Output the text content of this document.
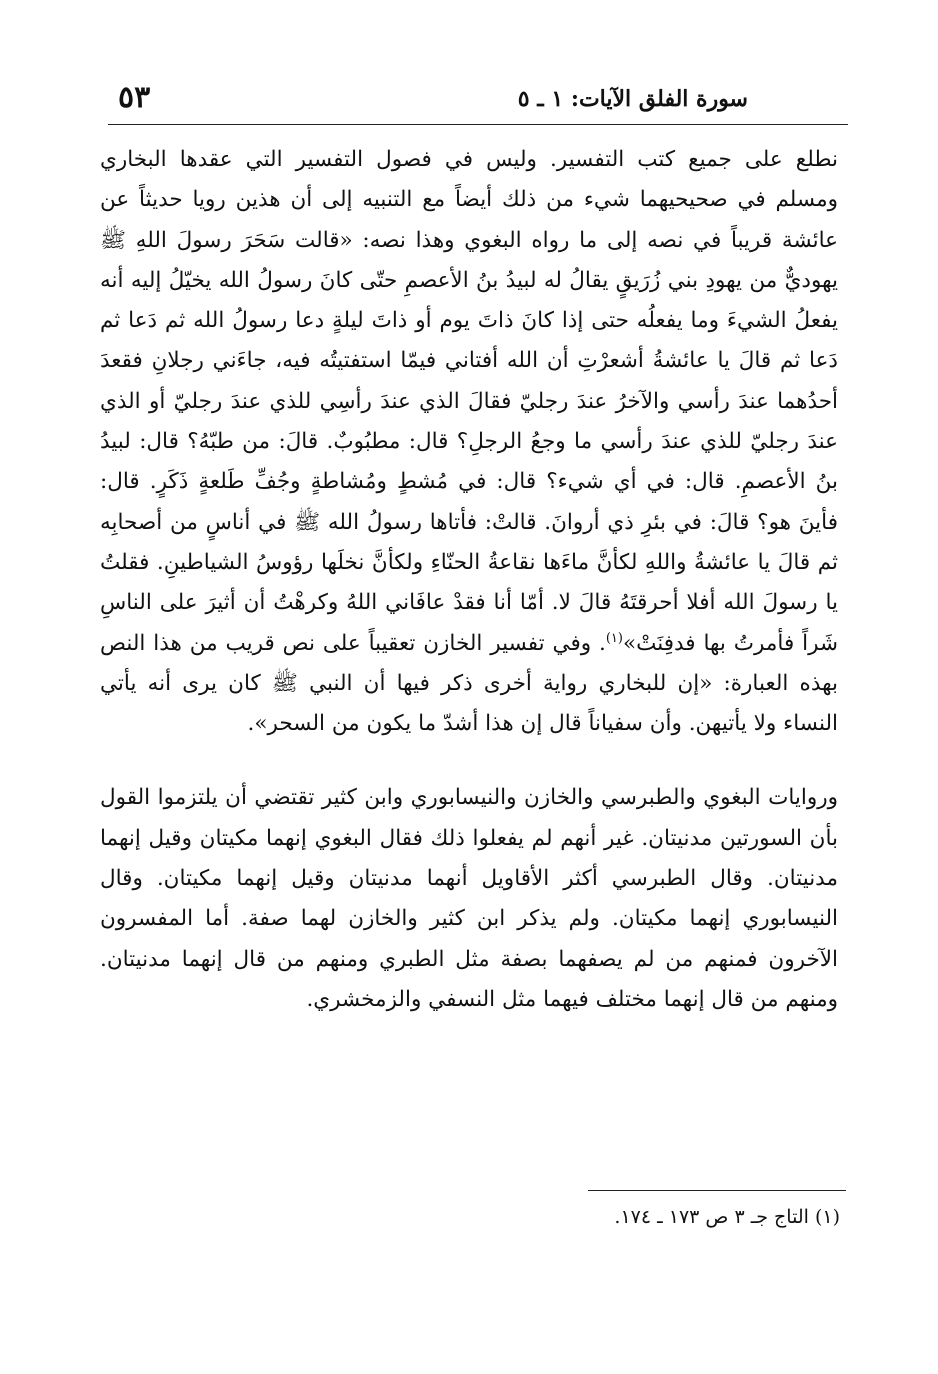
سورة الفلق الآيات: ١ ـ ٥
٥٣

نطلع على جميع كتب التفسير. وليس في فصول التفسير التي عقدها البخاري ومسلم في صحيحيهما شيء من ذلك أيضاً مع التنبيه إلى أن هذين رويا حديثاً عن عائشة قريباً في نصه إلى ما رواه البغوي وهذا نصه: «قالت سَحَرَ رسولَ اللهِ ﷺ يهوديٌّ من يهودِ بني زُرَيقٍ يقالُ له لبيدُ بنُ الأعصمِ حتّى كانَ رسولُ الله يخيّلُ إليه أنه يفعلُ الشيءَ وما يفعلُه حتى إذا كانَ ذاتَ يوم أو ذاتَ ليلةٍ دعا رسولُ الله ثم دَعا ثم دَعا ثم قالَ يا عائشةُ أشعرْتِ أن الله أفتاني فيمّا استفتيتُه فيه، جاءَني رجلانِ فقعدَ أحدُهما عندَ رأسي والآخرُ عندَ رجليّ فقالَ الذي عندَ رأسِي للذي عندَ رجليّ أو الذي عندَ رجليّ للذي عندَ رأسي ما وجعُ الرجلِ؟ قال: مطبُوبٌ. قالَ: من طبّهُ؟ قال: لبيدُ بنُ الأعصمِ. قال: في أي شيء؟ قال: في مُشطٍ ومُشاطةٍ وجُفِّ طَلعةٍ ذَكَرٍ. قال: فأينَ هو؟ قالَ: في بئرِ ذي أروانَ. قالتْ: فأتاها رسولُ الله ﷺ في أناسٍ من أصحابِه ثم قالَ يا عائشةُ واللهِ لكأنَّ ماءَها نقاعةُ الحنّاءِ ولكأنَّ نخلَها رؤوسُ الشياطينِ. فقلتُ يا رسولَ الله أفلا أحرقتَهُ قالَ لا. أمّا أنا فقدْ عافَاني اللهُ وكرهْتُ أن أثيرَ على الناسِ شَراً فأمرتُ بها فدفِنَتْ»$^{(١)}$. وفي تفسير الخازن تعقيباً على نص قريب من هذا النص بهذه العبارة: «إن للبخاري رواية أخرى ذكر فيها أن النبي ﷺ كان يرى أنه يأتي النساء ولا يأتيهن. وأن سفياناً قال إن هذا أشدّ ما يكون من السحر».

وروايات البغوي والطبرسي والخازن والنيسابوري وابن كثير تقتضي أن يلتزموا القول بأن السورتين مدنيتان. غير أنهم لم يفعلوا ذلك فقال البغوي إنهما مكيتان وقيل إنهما مدنيتان. وقال الطبرسي أكثر الأقاويل أنهما مدنيتان وقيل إنهما مكيتان. وقال النيسابوري إنهما مكيتان. ولم يذكر ابن كثير والخازن لهما صفة. أما المفسرون الآخرون فمنهم من لم يصفهما بصفة مثل الطبري ومنهم من قال إنهما مدنيتان. ومنهم من قال إنهما مختلف فيهما مثل النسفي والزمخشري.

(١) التاج جـ ٣ ص ١٧٣ ـ ١٧٤.
